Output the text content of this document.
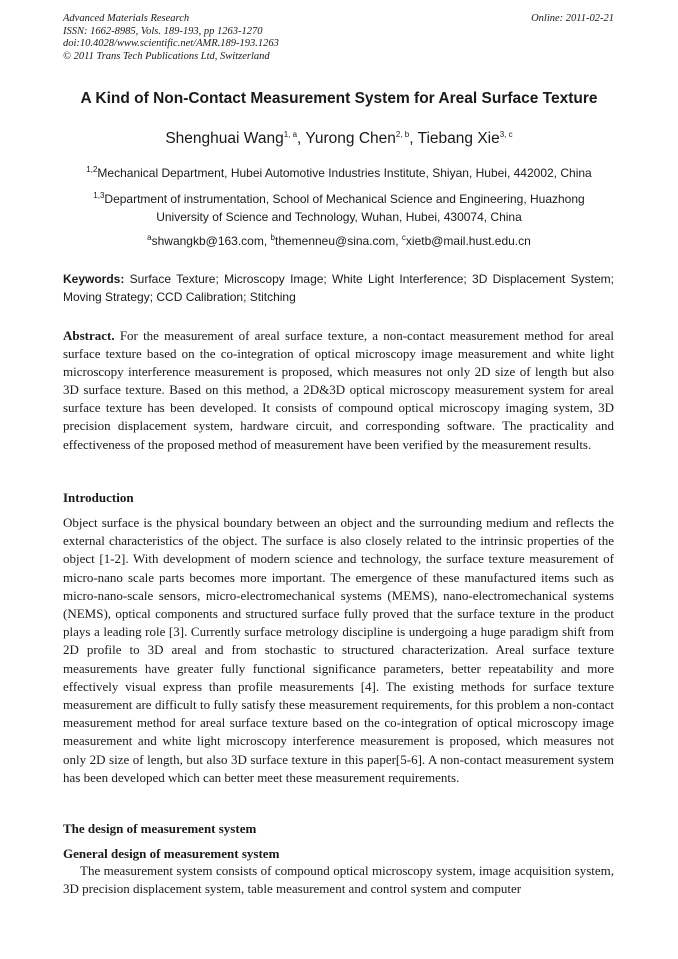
Advanced Materials Research
ISSN: 1662-8985, Vols. 189-193, pp 1263-1270
doi:10.4028/www.scientific.net/AMR.189-193.1263
© 2011 Trans Tech Publications Ltd, Switzerland
Online: 2011-02-21
A Kind of Non-Contact Measurement System for Areal Surface Texture
Shenghuai Wang$^{1, a}$, Yurong Chen$^{2, b}$, Tiebang Xie$^{3, c}$
$^{1,2}$Mechanical Department, Hubei Automotive Industries Institute, Shiyan, Hubei, 442002, China
$^{1,3}$Department of instrumentation, School of Mechanical Science and Engineering, Huazhong
University of Science and Technology, Wuhan, Hubei, 430074, China
$^a$shwangkb@163.com, $^b$themenneu@sina.com, $^c$xietb@mail.hust.edu.cn
Keywords: Surface Texture; Microscopy Image; White Light Interference; 3D Displacement System; Moving Strategy; CCD Calibration; Stitching
Abstract. For the measurement of areal surface texture, a non-contact measurement method for areal surface texture based on the co-integration of optical microscopy image measurement and white light microscopy interference measurement is proposed, which measures not only 2D size of length but also 3D surface texture. Based on this method, a 2D&3D optical microscopy measurement system for areal surface texture has been developed. It consists of compound optical microscopy imaging system, 3D precision displacement system, hardware circuit, and corresponding software. The practicality and effectiveness of the proposed method of measurement have been verified by the measurement results.
Introduction
Object surface is the physical boundary between an object and the surrounding medium and reflects the external characteristics of the object. The surface is also closely related to the intrinsic properties of the object [1-2]. With development of modern science and technology, the surface texture measurement of micro-nano scale parts becomes more important. The emergence of these manufactured items such as micro-nano-scale sensors, micro-electromechanical systems (MEMS), nano-electromechanical systems (NEMS), optical components and structured surface fully proved that the surface texture in the product plays a leading role [3]. Currently surface metrology discipline is undergoing a huge paradigm shift from 2D profile to 3D areal and from stochastic to structured characterization. Areal surface texture measurements have greater fully functional significance parameters, better repeatability and more effectively visual express than profile measurements [4]. The existing methods for surface texture measurement are difficult to fully satisfy these measurement requirements, for this problem a non-contact measurement method for areal surface texture based on the co-integration of optical microscopy image measurement and white light microscopy interference measurement is proposed, which measures not only 2D size of length, but also 3D surface texture in this paper[5-6]. A non-contact measurement system has been developed which can better meet these measurement requirements.
The design of measurement system
General design of measurement system
The measurement system consists of compound optical microscopy system, image acquisition system, 3D precision displacement system, table measurement and control system and computer
